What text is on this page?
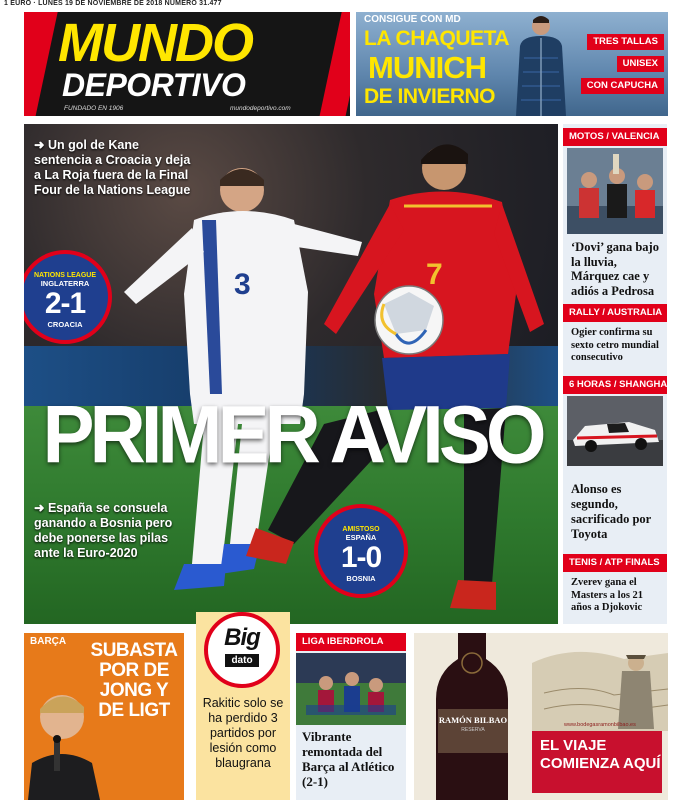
1 EURO · LUNES 19 DE NOVIEMBRE DE 2018 NÚMERO 31.477
MUNDO
DEPORTIVO
FUNDADO EN 1906	mundodeportivo.com
CONSIGUE CON MD
LA CHAQUETA
MUNICH
DE INVIERNO
TRES TALLAS
UNISEX
CON CAPUCHA
3	7
➜ Un gol de Kane sentencia a Croacia y deja a La Roja fuera de la Final Four de la Nations League
NATIONS LEAGUE
INGLATERRA
2-1
CROACIA
PRIMER AVISO
➜ España se consuela ganando a Bosnia pero debe ponerse las pilas ante la Euro-2020
AMISTOSO
ESPAÑA
1-0
BOSNIA
MOTOS / VALENCIA
‘Dovi’ gana bajo la lluvia, Márquez cae y adiós a Pedrosa
RALLY / AUSTRALIA
Ogier confirma su sexto cetro mundial consecutivo
6 HORAS / SHANGHAI
Alonso es segundo, sacrificado por Toyota
TENIS / ATP FINALS
Zverev gana el Masters a los 21 años a Djokovic
BARÇA SUBASTA POR DE JONG Y DE LIGT
Big
dato
Rakitic solo se ha perdido 3 partidos por lesión como blaugrana
LIGA IBERDROLA
Vibrante remontada del Barça al Atlético (2-1)
RAMÓN BILBAO
RESERVA
www.bodegasramonbilbao.es
EL VIAJE COMIENZA AQUÍ
